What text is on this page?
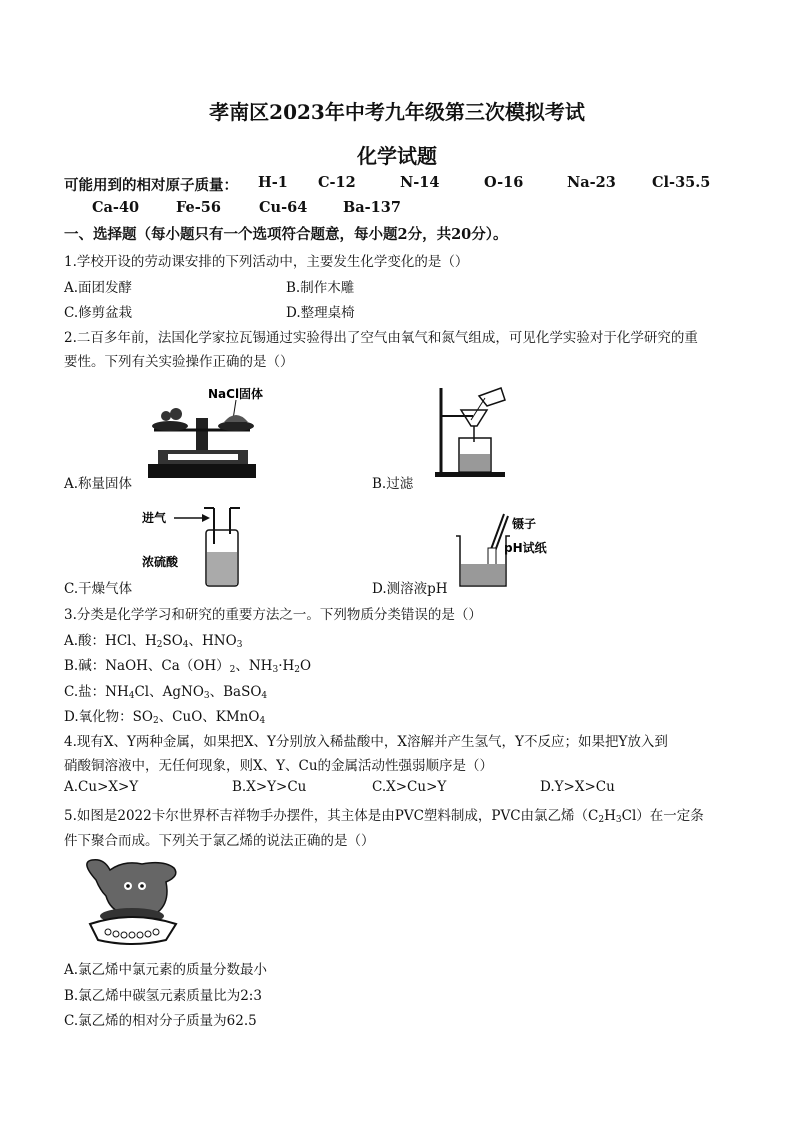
孝南区2023年中考九年级第三次模拟考试
化学试题
可能用到的相对原子质量： H-1 C-12	N-14	O-16	Na-23 Cl-35.5
Ca-40	Fe-56	Cu-64 Ba-137
一、选择题（每小题只有一个选项符合题意，每小题2分，共20分）。
1.学校开设的劳动课安排的下列活动中，主要发生化学变化的是（）
A.面团发酵	B.制作木雕
C.修剪盆栽	D.整理桌椅
2.二百多年前，法国化学家拉瓦锡通过实验得出了空气由氧气和氮气组成，可见化学实验对于化学研究的重
要性。下列有关实验操作正确的是（）
NaCl固体
A.称量固体	B.过滤
进气
浓硫酸
C.干燥气体
镊子
pH试纸
D.测溶液pH
3.分类是化学学习和研究的重要方法之一。下列物质分类错误的是（）
A.酸：HCl、$H_2SO_4$、$HNO_3$
B.碱：NaOH、$Ca(OH)_2$、$NH_3\cdot H_2O$
C.盐：$NH_4Cl$、AgNO$_3$、BaSO$_4$
D.氧化物：$SO_2$、CuO、KMnO$_4$
4.现有X、Y两种金属，如果把X、Y分别放入稀盐酸中，X溶解并产生氢气，Y不反应；如果把Y放入到
硝酸铜溶液中，无任何现象，则X、Y、Cu的金属活动性强弱顺序是（）
A.Cu>X>Y	B.X>Y>Cu	C.X>Cu>Y	D.Y>X>Cu
5.如图是2022卡尔世界杯吉祥物手办摆件，其主体是由PVC塑料制成，PVC由氯乙烯$(C_2H_3Cl)$在一定条
件下聚合而成。下列关于氯乙烯的说法正确的是（）
A.氯乙烯中氯元素的质量分数最小
B.氯乙烯中碳氢元素质量比为2:3
C.氯乙烯的相对分子质量为62.5
